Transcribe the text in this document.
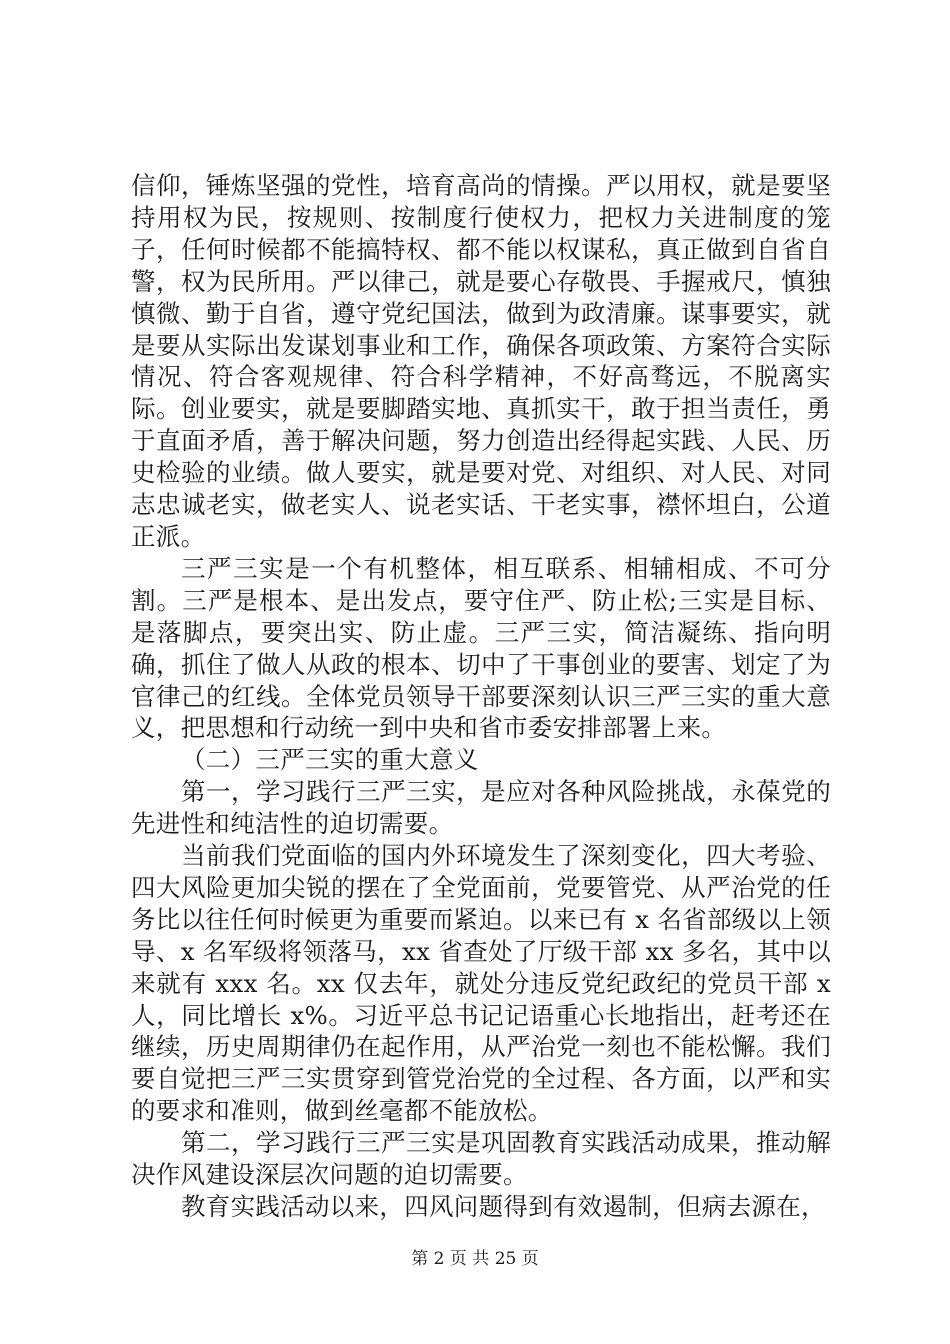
信仰，锤炼坚强的党性，培育高尚的情操。严以用权，就是要坚持用权为民，按规则、按制度行使权力，把权力关进制度的笼子，任何时候都不能搞特权、都不能以权谋私，真正做到自省自警，权为民所用。严以律己，就是要心存敬畏、手握戒尺，慎独慎微、勤于自省，遵守党纪国法，做到为政清廉。谋事要实，就是要从实际出发谋划事业和工作，确保各项政策、方案符合实际情况、符合客观规律、符合科学精神，不好高骛远，不脱离实际。创业要实，就是要脚踏实地、真抓实干，敢于担当责任，勇于直面矛盾，善于解决问题，努力创造出经得起实践、人民、历史检验的业绩。做人要实，就是要对党、对组织、对人民、对同志忠诚老实，做老实人、说老实话、干老实事，襟怀坦白，公道正派。

三严三实是一个有机整体，相互联系、相辅相成、不可分割。三严是根本、是出发点，要守住严、防止松;三实是目标、是落脚点，要突出实、防止虚。三严三实，简洁凝练、指向明确，抓住了做人从政的根本、切中了干事创业的要害、划定了为官律己的红线。全体党员领导干部要深刻认识三严三实的重大意义，把思想和行动统一到中央和省市委安排部署上来。

（二）三严三实的重大意义

第一，学习践行三严三实，是应对各种风险挑战，永葆党的先进性和纯洁性的迫切需要。

当前我们党面临的国内外环境发生了深刻变化，四大考验、四大风险更加尖锐的摆在了全党面前，党要管党、从严治党的任务比以往任何时候更为重要而紧迫。以来已有 x 名省部级以上领导、x 名军级将领落马，xx 省查处了厅级干部 xx 多名，其中以来就有 xxx 名。xx 仅去年，就处分违反党纪政纪的党员干部 x 人，同比增长 x%。习近平总书记记语重心长地指出，赶考还在继续，历史周期律仍在起作用，从严治党一刻也不能松懈。我们要自觉把三严三实贯穿到管党治党的全过程、各方面，以严和实的要求和准则，做到丝毫都不能放松。

第二，学习践行三严三实是巩固教育实践活动成果，推动解决作风建设深层次问题的迫切需要。

教育实践活动以来，四风问题得到有效遏制，但病去源在，

第 2 页 共 25 页
